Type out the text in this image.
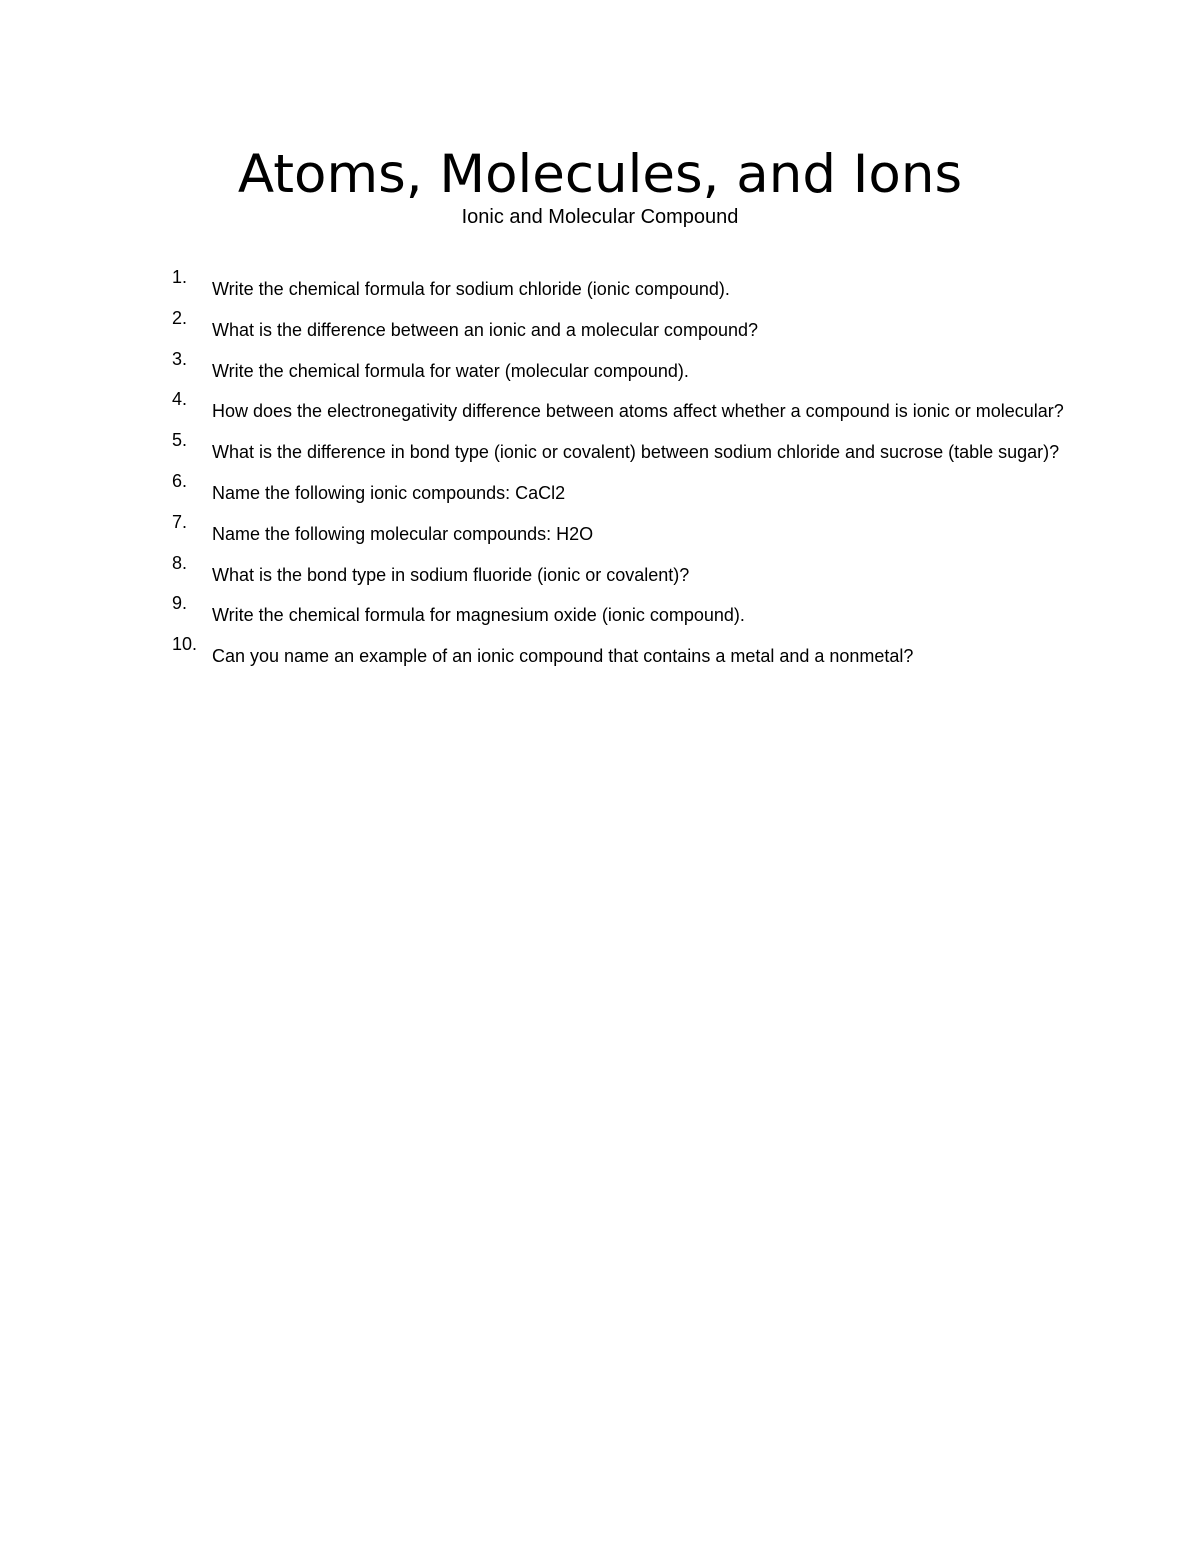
Atoms, Molecules, and Ions
Ionic and Molecular Compound
1.
Write the chemical formula for sodium chloride (ionic compound).
2.
What is the difference between an ionic and a molecular compound?
3.
Write the chemical formula for water (molecular compound).
4.
How does the electronegativity difference between atoms affect whether a compound is ionic or molecular?
5.
What is the difference in bond type (ionic or covalent) between sodium chloride and sucrose (table sugar)?
6.
Name the following ionic compounds: CaCl2
7.
Name the following molecular compounds: H2O
8.
What is the bond type in sodium fluoride (ionic or covalent)?
9.
Write the chemical formula for magnesium oxide (ionic compound).
10.
Can you name an example of an ionic compound that contains a metal and a nonmetal?
